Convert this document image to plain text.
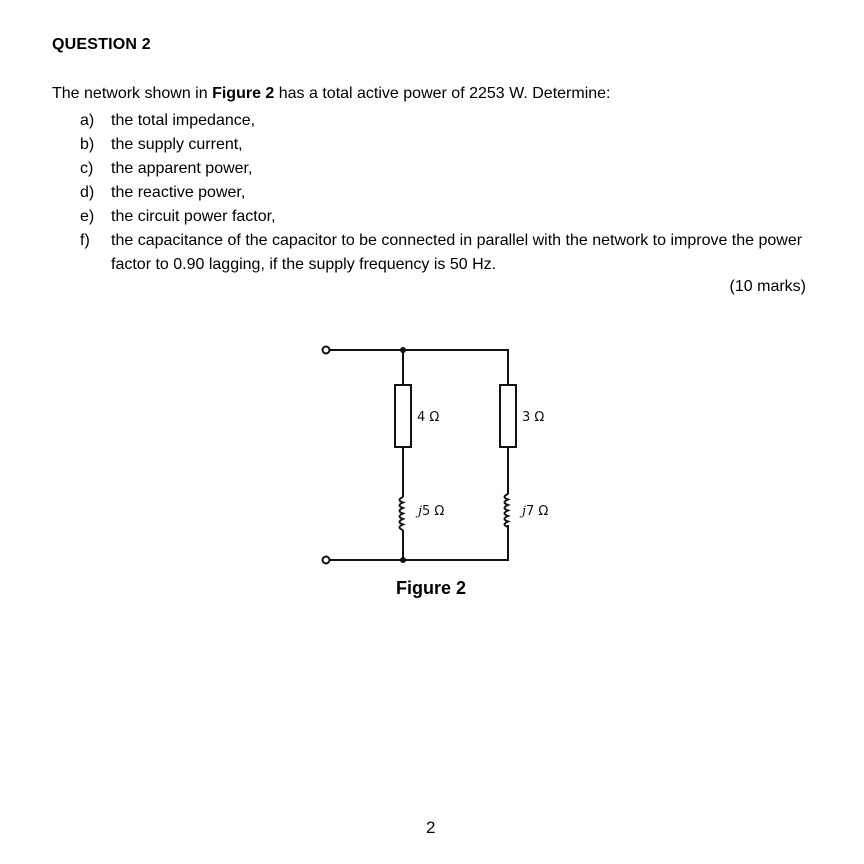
QUESTION 2
The network shown in Figure 2 has a total active power of 2253 W. Determine:
a) the total impedance,
b) the supply current,
c) the apparent power,
d) the reactive power,
e) the circuit power factor,
f) the capacitance of the capacitor to be connected in parallel with the network to improve the power factor to 0.90 lagging, if the supply frequency is 50 Hz.
(10 marks)
4 Ω	3 Ω
j5 Ω	j7 Ω
Figure 2
2
